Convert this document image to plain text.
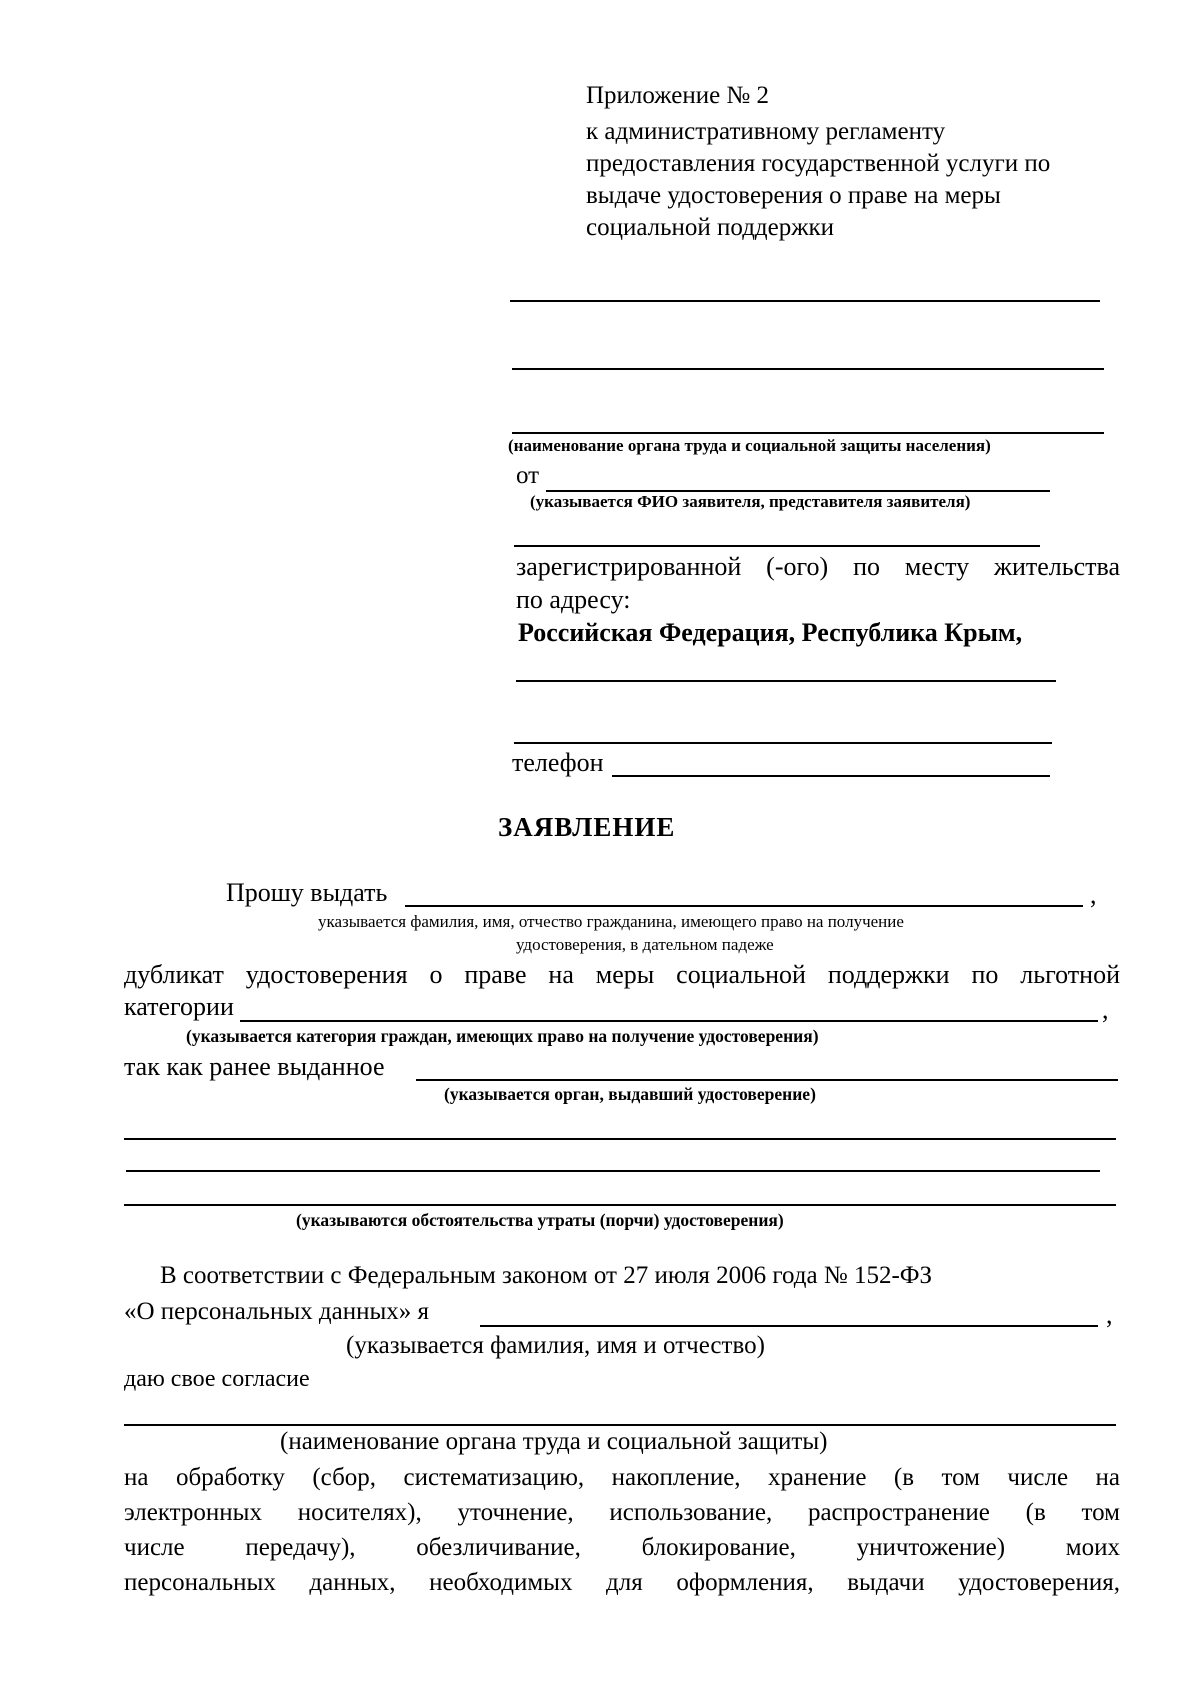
Приложение № 2
к административному регламенту
предоставления государственной услуги по
выдаче удостоверения о праве на меры
социальной поддержки
(наименование органа труда и социальной защиты населения)
от
(указывается ФИО заявителя, представителя заявителя)
зарегистрированной (-ого) по месту жительства
по адресу:
Российская Федерация, Республика Крым,
телефон
ЗАЯВЛЕНИЕ
Прошу выдать	,
указывается фамилия, имя, отчество гражданина, имеющего право на получение
удостоверения, в дательном падеже
дубликат удостоверения о праве на меры социальной поддержки по льготной
категории	,
(указывается категория граждан, имеющих право на получение удостоверения)
так как ранее выданное
(указывается орган, выдавший удостоверение)
(указываются обстоятельства утраты (порчи) удостоверения)
В соответствии с Федеральным законом от 27 июля 2006 года № 152-ФЗ
«О персональных данных» я	,
(указывается фамилия, имя и отчество)
даю свое согласие
(наименование органа труда и социальной защиты)
на обработку (сбор, систематизацию, накопление, хранение (в том числе на
электронных носителях), уточнение, использование, распространение (в том
числе передачу), обезличивание, блокирование, уничтожение) моих
персональных данных, необходимых для оформления, выдачи удостоверения,
